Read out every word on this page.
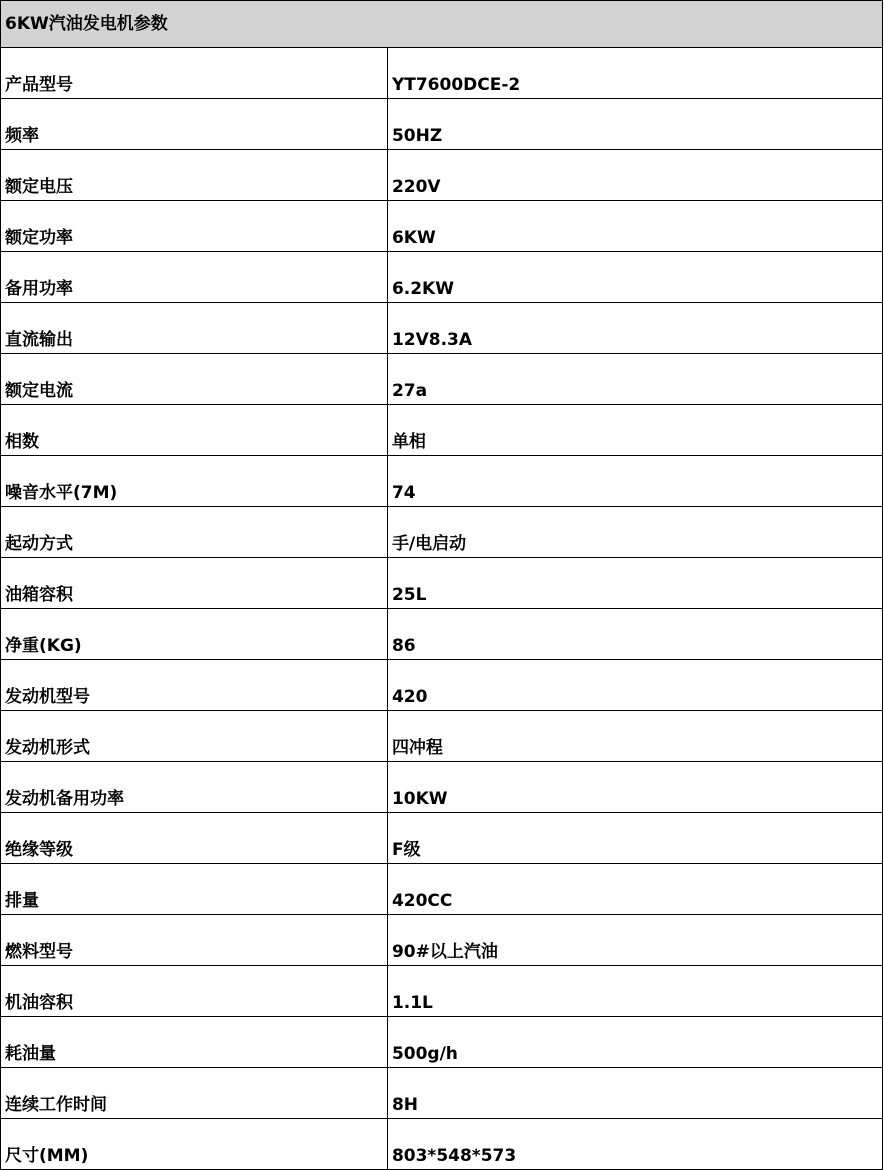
6KW汽油发电机参数	
产品型号	YT7600DCE-2
频率	50HZ
额定电压	220V
额定功率	6KW
备用功率	6.2KW
直流输出	12V8.3A
额定电流	27a
相数	单相
噪音水平(7M)	74
起动方式	手/电启动
油箱容积	25L
净重(KG)	86
发动机型号	420
发动机形式	四冲程
发动机备用功率	10KW
绝缘等级	F级
排量	420CC
燃料型号	90#以上汽油
机油容积	1.1L
耗油量	500g/h
连续工作时间	8H
尺寸(MM)	803*548*573
